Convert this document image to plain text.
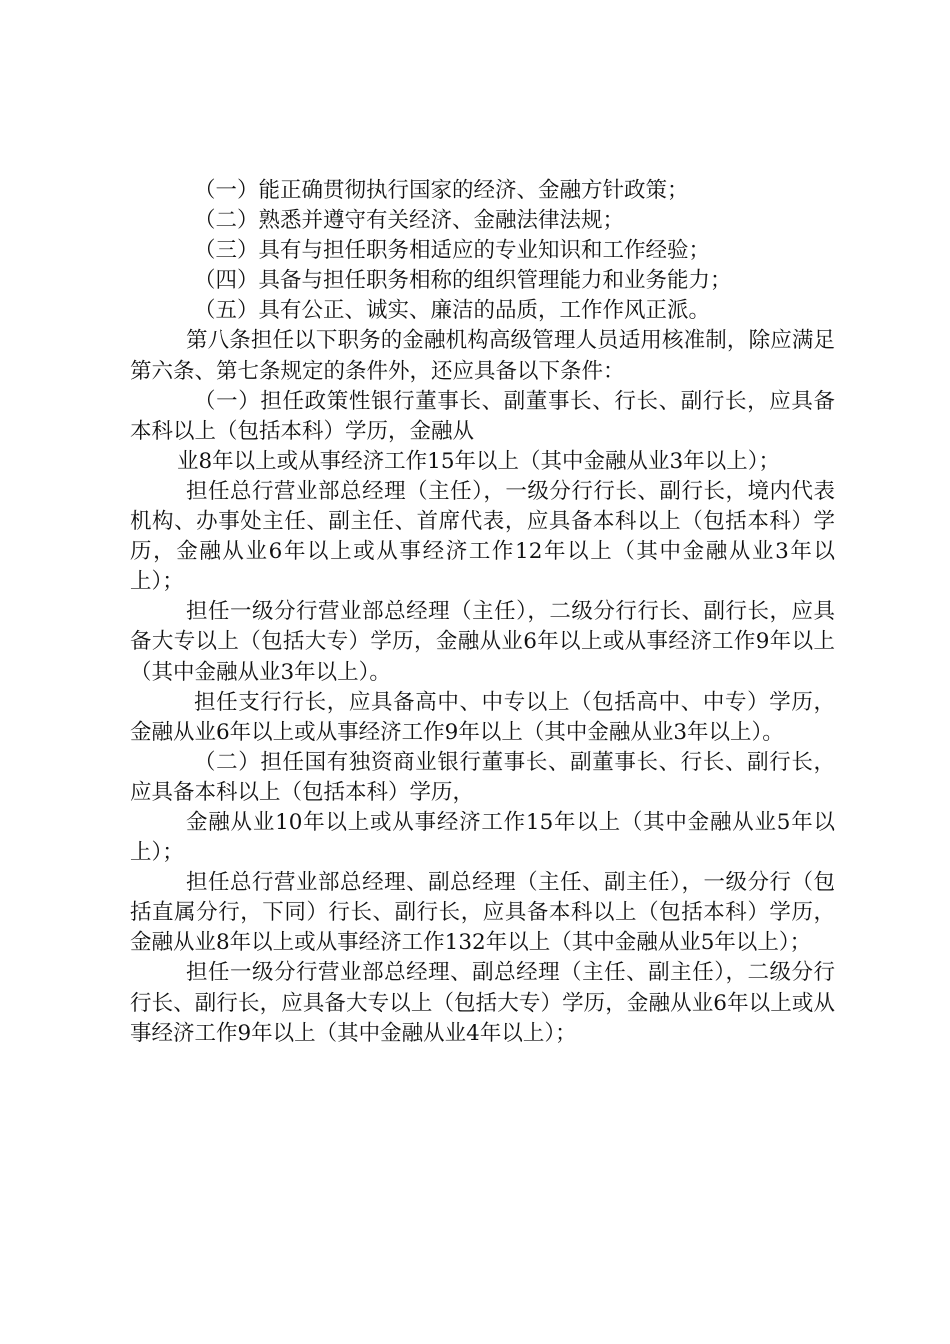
（一）能正确贯彻执行国家的经济、金融方针政策；

（二）熟悉并遵守有关经济、金融法律法规；

（三）具有与担任职务相适应的专业知识和工作经验；

（四）具备与担任职务相称的组织管理能力和业务能力；

（五）具有公正、诚实、廉洁的品质，工作作风正派。

第八条担任以下职务的金融机构高级管理人员适用核准制，除应满足第六条、第七条规定的条件外，还应具备以下条件：

（一）担任政策性银行董事长、副董事长、行长、副行长，应具备本科以上（包括本科）学历，金融从

业8年以上或从事经济工作15年以上（其中金融从业3年以上）；

担任总行营业部总经理（主任），一级分行行长、副行长，境内代表机构、办事处主任、副主任、首席代表，应具备本科以上（包括本科）学历，金融从业6年以上或从事经济工作12年以上（其中金融从业3年以上）；

担任一级分行营业部总经理（主任），二级分行行长、副行长，应具备大专以上（包括大专）学历，金融从业6年以上或从事经济工作9年以上（其中金融从业3年以上）。

担任支行行长，应具备高中、中专以上（包括高中、中专）学历，金融从业6年以上或从事经济工作9年以上（其中金融从业3年以上）。

（二）担任国有独资商业银行董事长、副董事长、行长、副行长，应具备本科以上（包括本科）学历，

金融从业10年以上或从事经济工作15年以上（其中金融从业5年以上）；

担任总行营业部总经理、副总经理（主任、副主任），一级分行（包括直属分行，下同）行长、副行长，应具备本科以上（包括本科）学历，金融从业8年以上或从事经济工作132年以上（其中金融从业5年以上）；

担任一级分行营业部总经理、副总经理（主任、副主任），二级分行行长、副行长，应具备大专以上（包括大专）学历，金融从业6年以上或从事经济工作9年以上（其中金融从业4年以上）；
